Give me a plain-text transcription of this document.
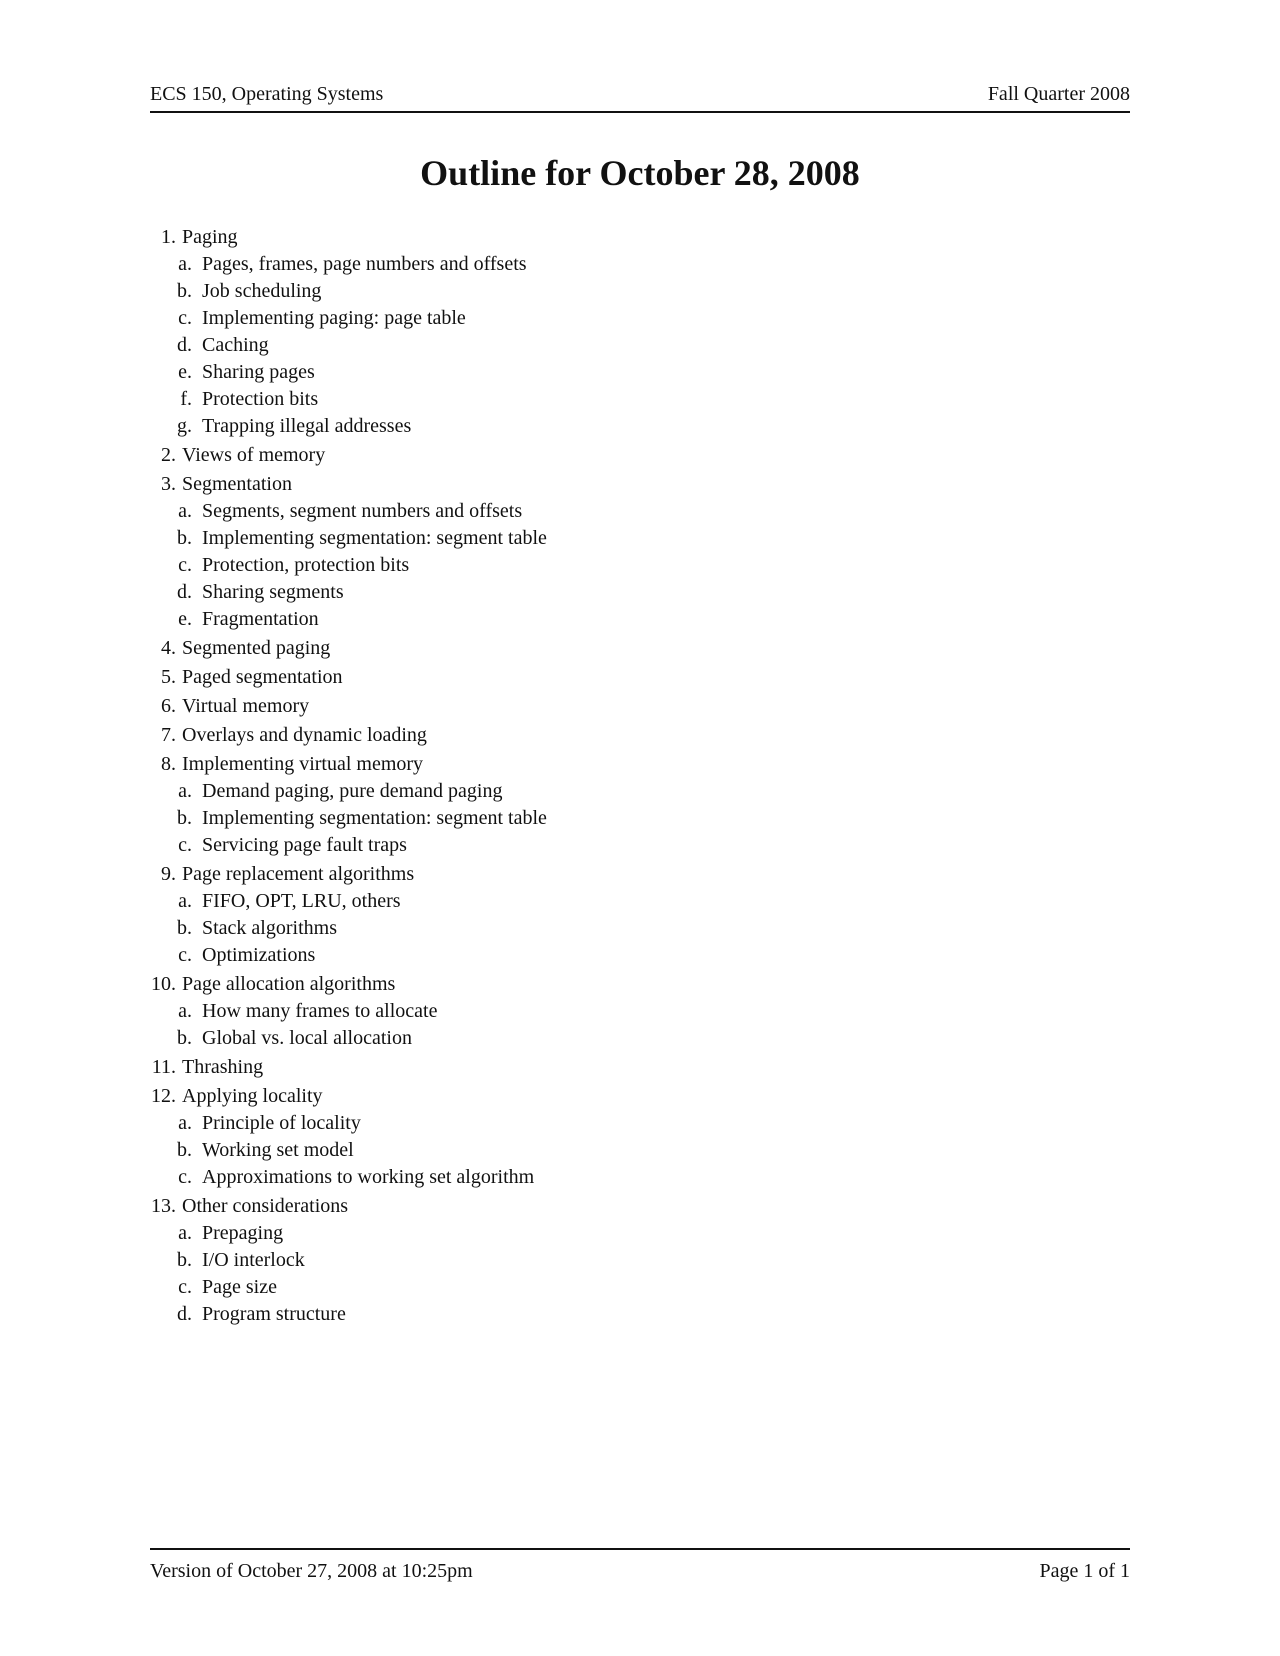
ECS 150, Operating Systems	Fall Quarter 2008
Outline for October 28, 2008
1. Paging
a. Pages, frames, page numbers and offsets
b. Job scheduling
c. Implementing paging: page table
d. Caching
e. Sharing pages
f. Protection bits
g. Trapping illegal addresses
2. Views of memory
3. Segmentation
a. Segments, segment numbers and offsets
b. Implementing segmentation: segment table
c. Protection, protection bits
d. Sharing segments
e. Fragmentation
4. Segmented paging
5. Paged segmentation
6. Virtual memory
7. Overlays and dynamic loading
8. Implementing virtual memory
a. Demand paging, pure demand paging
b. Implementing segmentation: segment table
c. Servicing page fault traps
9. Page replacement algorithms
a. FIFO, OPT, LRU, others
b. Stack algorithms
c. Optimizations
10. Page allocation algorithms
a. How many frames to allocate
b. Global vs. local allocation
11. Thrashing
12. Applying locality
a. Principle of locality
b. Working set model
c. Approximations to working set algorithm
13. Other considerations
a. Prepaging
b. I/O interlock
c. Page size
d. Program structure
Version of October 27, 2008 at 10:25pm	Page 1 of 1
